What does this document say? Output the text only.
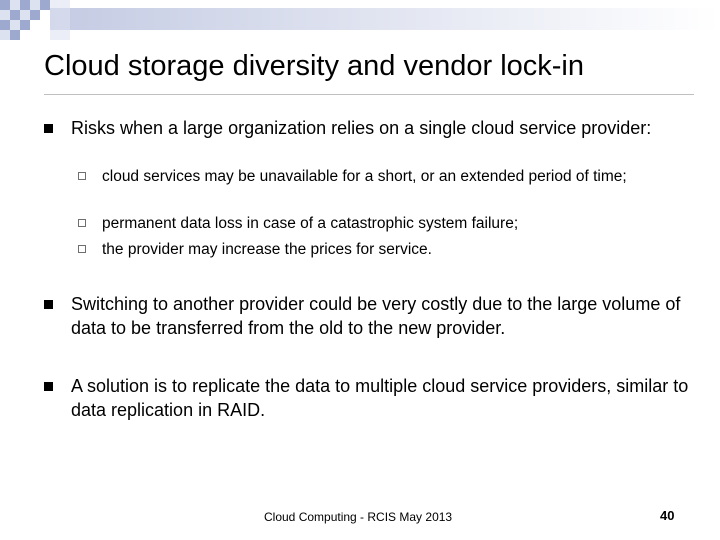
Cloud storage diversity and vendor lock-in
Risks when a large organization relies on a single cloud service provider:
cloud services may be unavailable for a short, or an extended period of time;
permanent data loss in case of a catastrophic system failure;
the provider may increase the prices for service.
Switching to another provider could be very costly due to the large volume of data to be transferred from the old to the new provider.
A solution is to replicate the data to multiple cloud service providers, similar to data replication in RAID.
Cloud Computing - RCIS May 2013	40
